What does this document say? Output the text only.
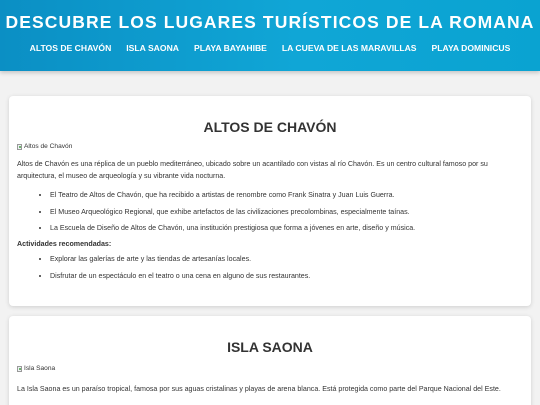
DESCUBRE LOS LUGARES TURÍSTICOS DE LA ROMANA
ALTOS DE CHAVÓN ISLA SAONA PLAYA BAYAHIBE LA CUEVA DE LAS MARAVILLAS PLAYA DOMINICUS
ALTOS DE CHAVÓN
Altos de Chavón

Altos de Chavón es una réplica de un pueblo mediterráneo, ubicado sobre un acantilado con vistas al río Chavón. Es un centro cultural famoso por su arquitectura, el museo de arqueología y su vibrante vida nocturna.

• El Teatro de Altos de Chavón, que ha recibido a artistas de renombre como Frank Sinatra y Juan Luis Guerra.
• El Museo Arqueológico Regional, que exhibe artefactos de las civilizaciones precolombinas, especialmente taínas.
• La Escuela de Diseño de Altos de Chavón, una institución prestigiosa que forma a jóvenes en arte, diseño y música.

Actividades recomendadas:

• Explorar las galerías de arte y las tiendas de artesanías locales.
• Disfrutar de un espectáculo en el teatro o una cena en alguno de sus restaurantes.
ISLA SAONA
Isla Saona

La Isla Saona es un paraíso tropical, famosa por sus aguas cristalinas y playas de arena blanca. Está protegida como parte del Parque Nacional del Este.
